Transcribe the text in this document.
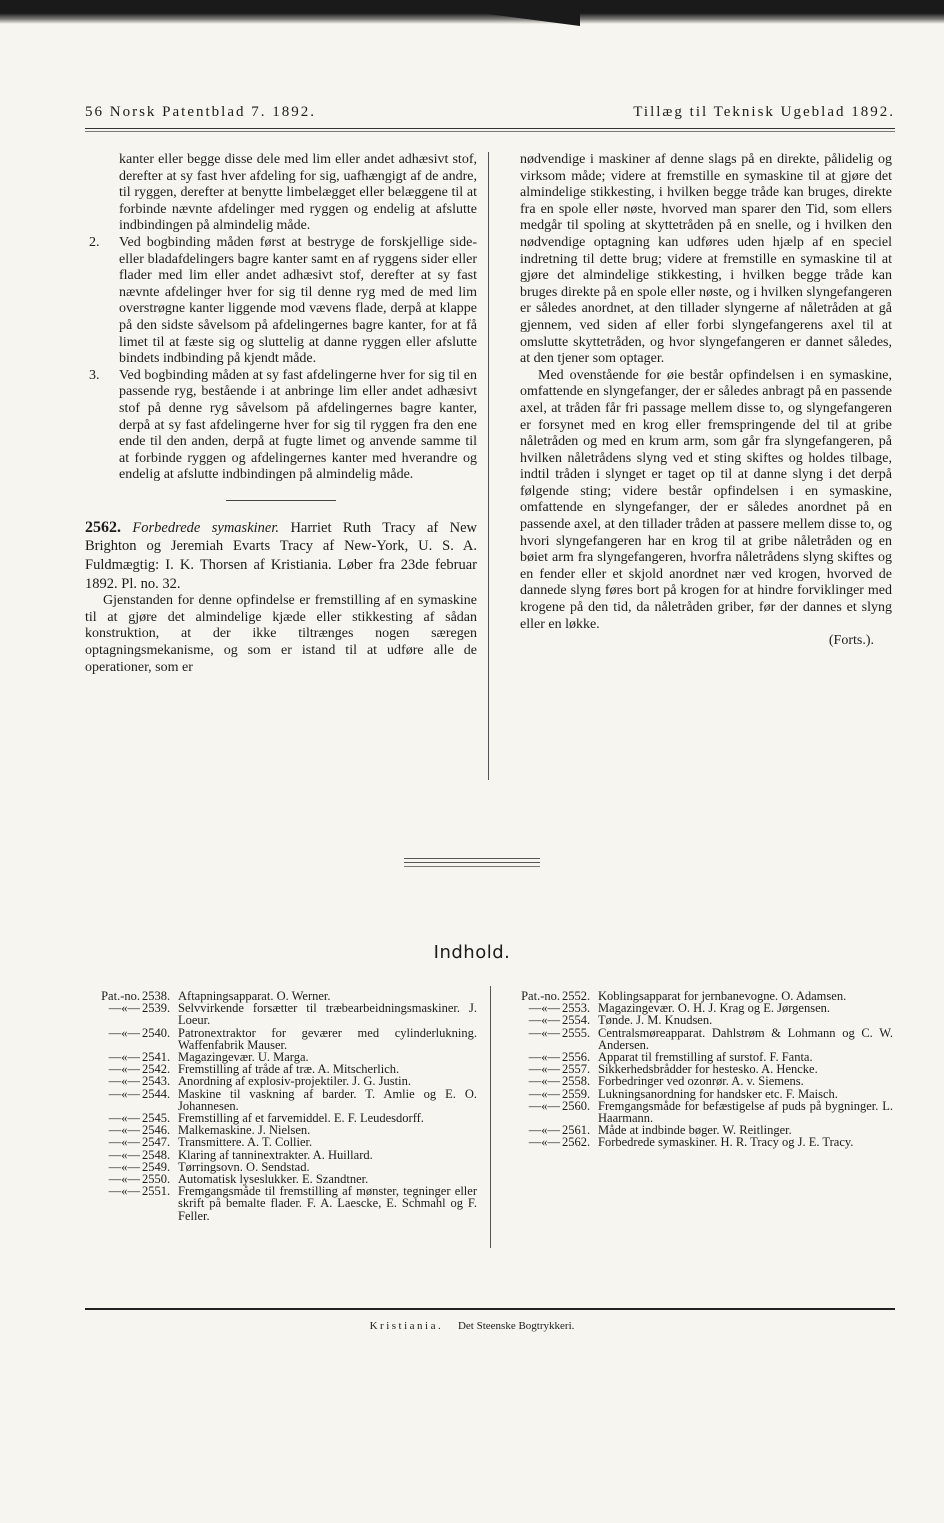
56 Norsk Patentblad 7. 1892.	Tillæg til Teknisk Ugeblad 1892.

kanter eller begge disse dele med lim eller andet adhæsivt stof, derefter at sy fast hver afdeling for sig, uafhængigt af de andre, til ryggen, derefter at benytte limbelægget eller belæggene til at forbinde nævnte afdelinger med ryggen og endelig at afslutte indbindingen på almindelig måde.

2. Ved bogbinding måden først at bestryge de forskjellige side- eller bladafdelingers bagre kanter samt en af ryggens sider eller flader med lim eller andet adhæsivt stof, derefter at sy fast nævnte afdelinger hver for sig til denne ryg med de med lim overstrøgne kanter liggende mod vævens flade, derpå at klappe på den sidste såvelsom på afdelingernes bagre kanter, for at få limet til at fæste sig og sluttelig at danne ryggen eller afslutte bindets indbinding på kjendt måde.

3. Ved bogbinding måden at sy fast afdelingerne hver for sig til en passende ryg, bestående i at anbringe lim eller andet adhæsivt stof på denne ryg såvelsom på afdelingernes bagre kanter, derpå at sy fast afdelingerne hver for sig til ryggen fra den ene ende til den anden, derpå at fugte limet og anvende samme til at forbinde ryggen og afdelingernes kanter med hverandre og endelig at afslutte indbindingen på almindelig måde.

2562. Forbedrede symaskiner. Harriet Ruth Tracy af New Brighton og Jeremiah Evarts Tracy af New-York, U. S. A. Fuldmægtig: I. K. Thorsen af Kristiania. Løber fra 23de februar 1892. Pl. no. 32.

Gjenstanden for denne opfindelse er fremstilling af en symaskine til at gjøre det almindelige kjæde eller stikkesting af sådan konstruktion, at der ikke tiltrænges nogen særegen optagningsmekanisme, og som er istand til at udføre alle de operationer, som er

nødvendige i maskiner af denne slags på en direkte, pålidelig og virksom måde; videre at fremstille en symaskine til at gjøre det almindelige stikkesting, i hvilken begge tråde kan bruges, direkte fra en spole eller nøste, hvorved man sparer den Tid, som ellers medgår til spoling at skyttetråden på en snelle, og i hvilken den nødvendige optagning kan udføres uden hjælp af en speciel indretning til dette brug; videre at fremstille en symaskine til at gjøre det almindelige stikkesting, i hvilken begge tråde kan bruges direkte på en spole eller nøste, og i hvilken slyngefangeren er således anordnet, at den tillader slyngerne af nåletråden at gå gjennem, ved siden af eller forbi slyngefangerens axel til at omslutte skyttetråden, og hvor slyngefangeren er dannet således, at den tjener som optager.

Med ovenstående for øie består opfindelsen i en symaskine, omfattende en slyngefanger, der er således anbragt på en passende axel, at tråden får fri passage mellem disse to, og slyngefangeren er forsynet med en krog eller fremspringende del til at gribe nåletråden og med en krum arm, som går fra slyngefangeren, på hvilken nåletrådens slyng ved et sting skiftes og holdes tilbage, indtil tråden i slynget er taget op til at danne slyng i det derpå følgende sting; videre består opfindelsen i en symaskine, omfattende en slyngefanger, der er således anordnet på en passende axel, at den tillader tråden at passere mellem disse to, og hvori slyngefangeren har en krog til at gribe nåletråden og en bøiet arm fra slyngefangeren, hvorfra nåletrådens slyng skiftes og en fender eller et skjold anordnet nær ved krogen, hvorved de dannede slyng føres bort på krogen for at hindre forviklinger med krogene på den tid, da nåletråden griber, før der dannes et slyng eller en løkke.

(Forts.).

Indhold.
Pat.-no. 2538. Aftapningsapparat. O. Werner.
—«— 2539. Selvvirkende forsætter til træbearbeidningsmaskiner. J. Loeur.
—«— 2540. Patronextraktor for geværer med cylinderlukning. Waffenfabrik Mauser.
—«— 2541. Magazingevær. U. Marga.
—«— 2542. Fremstilling af tråde af træ. A. Mitscherlich.
—«— 2543. Anordning af explosiv-projektiler. J. G. Justin.
—«— 2544. Maskine til vaskning af barder. T. Amlie og E. O. Johannesen.
—«— 2545. Fremstilling af et farvemiddel. E. F. Leudesdorff.
—«— 2546. Malkemaskine. J. Nielsen.
—«— 2547. Transmittere. A. T. Collier.
—«— 2548. Klaring af tanninextrakter. A. Huillard.
—«— 2549. Tørringsovn. O. Sendstad.
—«— 2550. Automatisk lyseslukker. E. Szandtner.
—«— 2551. Fremgangsmåde til fremstilling af mønster, tegninger eller skrift på bemalte flader. F. A. Laescke, E. Schmahl og F. Feller.
Pat.-no. 2552. Koblingsapparat for jernbanevogne. O. Adamsen.
—«— 2553. Magazingevær. O. H. J. Krag og E. Jørgensen.
—«— 2554. Tønde. J. M. Knudsen.
—«— 2555. Centralsmøreapparat. Dahlstrøm & Lohmann og C. W. Andersen.
—«— 2556. Apparat til fremstilling af surstof. F. Fanta.
—«— 2557. Sikkerhedsbrådder for hestesko. A. Hencke.
—«— 2558. Forbedringer ved ozonrør. A. v. Siemens.
—«— 2559. Lukningsanordning for handsker etc. F. Maisch.
—«— 2560. Fremgangsmåde for befæstigelse af puds på bygninger. L. Haarmann.
—«— 2561. Måde at indbinde bøger. W. Reitlinger.
—«— 2562. Forbedrede symaskiner. H. R. Tracy og J. E. Tracy.
Kristiania. Det Steenske Bogtrykkeri.
